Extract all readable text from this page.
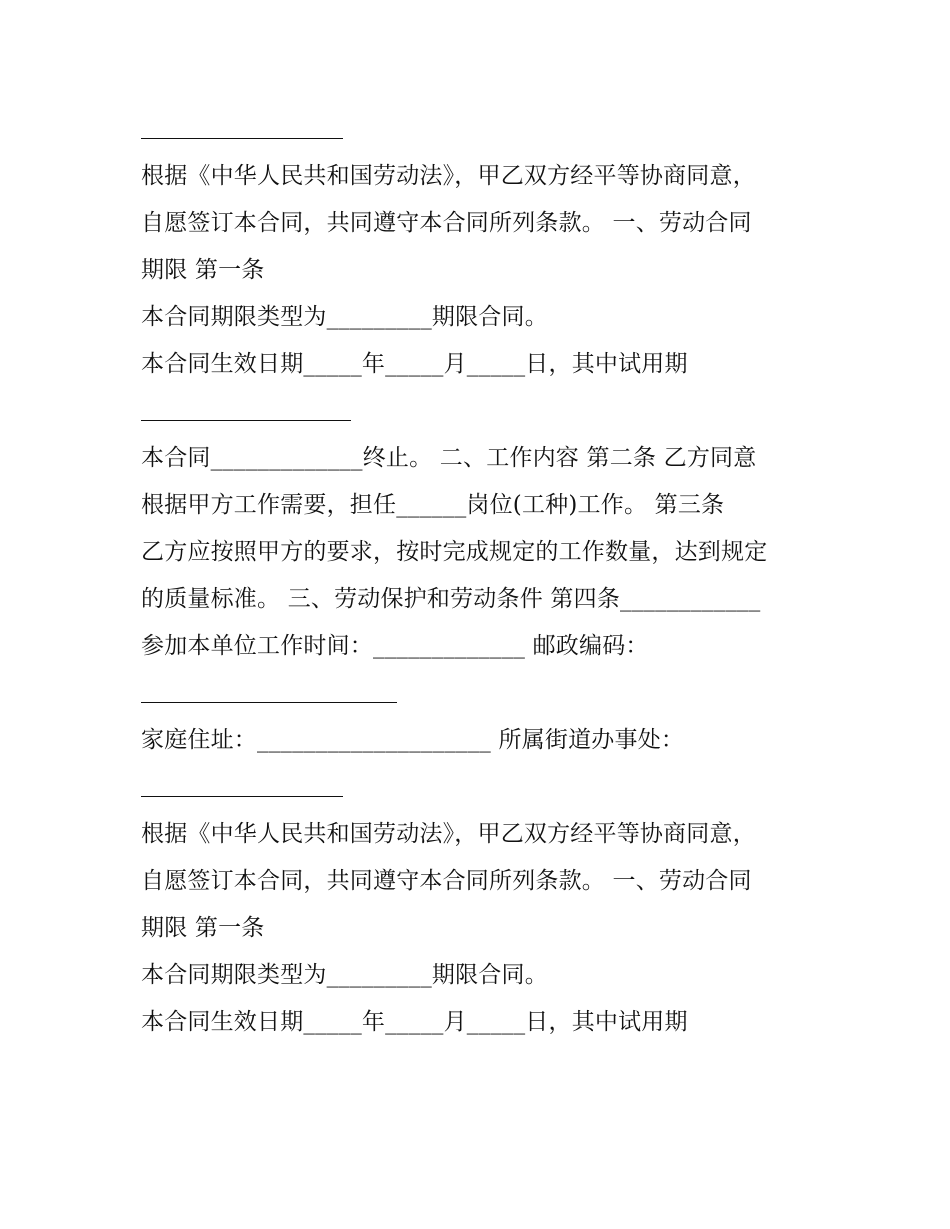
根据《中华人民共和国劳动法》，甲乙双方经平等协商同意，
自愿签订本合同，共同遵守本合同所列条款。 一、劳动合同
期限 第一条
本合同期限类型为_________期限合同。
本合同生效日期_____年_____月_____日，其中试用期
本合同_____________终止。 二、工作内容 第二条 乙方同意
根据甲方工作需要，担任______岗位(工种)工作。 第三条
乙方应按照甲方的要求，按时完成规定的工作数量，达到规定
的质量标准。 三、劳动保护和劳动条件 第四条____________
参加本单位工作时间：_____________ 邮政编码：
家庭住址：____________________ 所属街道办事处：
根据《中华人民共和国劳动法》，甲乙双方经平等协商同意，
自愿签订本合同，共同遵守本合同所列条款。 一、劳动合同
期限 第一条
本合同期限类型为_________期限合同。
本合同生效日期_____年_____月_____日，其中试用期
